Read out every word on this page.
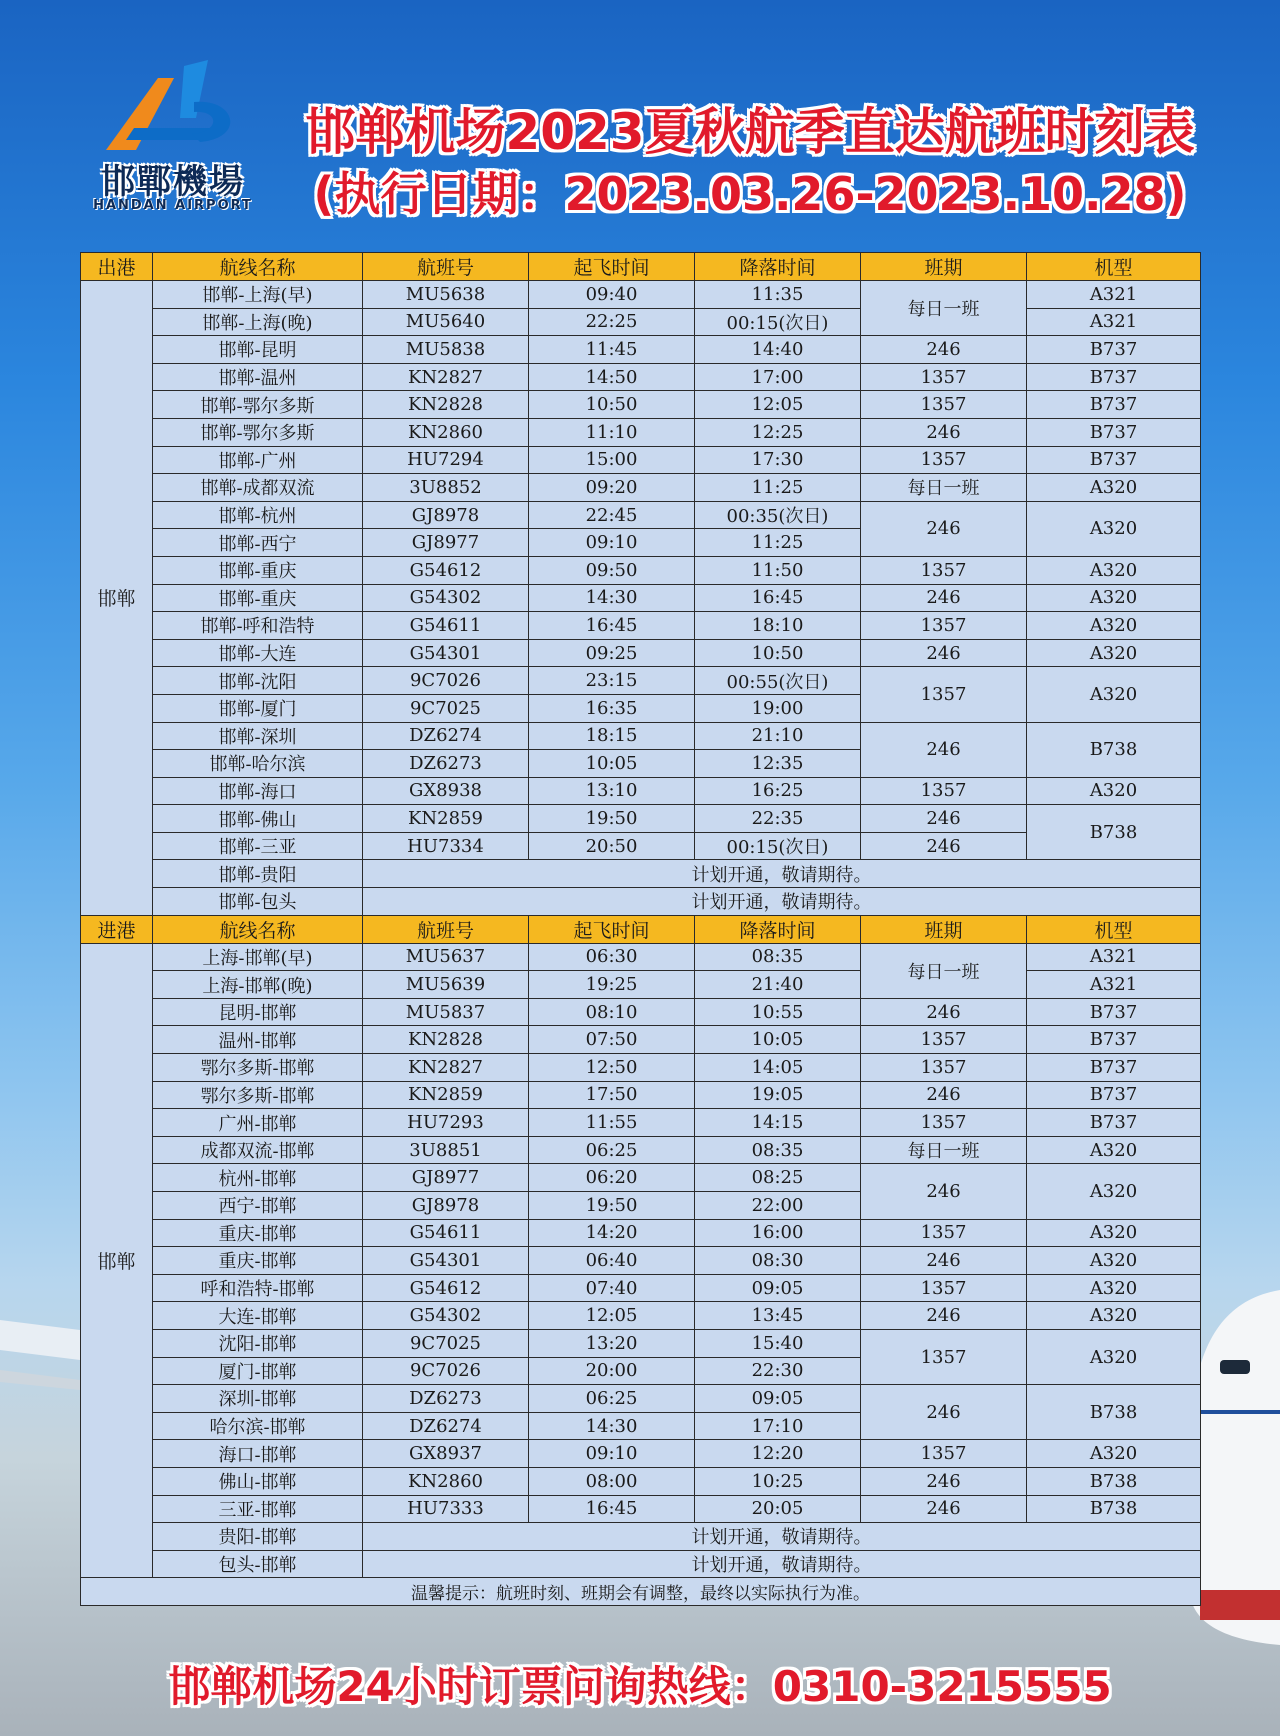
邯鄲機場
HANDAN AIRPORT
邯郸机场2023夏秋航季直达航班时刻表
(执行日期：2023.03.26-2023.10.28)
出港	航线名称	航班号	起飞时间	降落时间	班期	机型
邯郸	邯郸-上海(早)	MU5638	09:40	11:35	每日一班	A321
	邯郸-上海(晚)	MU5640	22:25	00:15(次日)		A321
	邯郸-昆明	MU5838	11:45	14:40	246	B737
	邯郸-温州	KN2827	14:50	17:00	1357	B737
	邯郸-鄂尔多斯	KN2828	10:50	12:05	1357	B737
	邯郸-鄂尔多斯	KN2860	11:10	12:25	246	B737
	邯郸-广州	HU7294	15:00	17:30	1357	B737
	邯郸-成都双流	3U8852	09:20	11:25	每日一班	A320
	邯郸-杭州	GJ8978	22:45	00:35(次日)	246	A320
	邯郸-西宁	GJ8977	09:10	11:25		
	邯郸-重庆	G54612	09:50	11:50	1357	A320
	邯郸-重庆	G54302	14:30	16:45	246	A320
	邯郸-呼和浩特	G54611	16:45	18:10	1357	A320
	邯郸-大连	G54301	09:25	10:50	246	A320
	邯郸-沈阳	9C7026	23:15	00:55(次日)	1357	A320
	邯郸-厦门	9C7025	16:35	19:00		
	邯郸-深圳	DZ6274	18:15	21:10	246	B738
	邯郸-哈尔滨	DZ6273	10:05	12:35		
	邯郸-海口	GX8938	13:10	16:25	1357	A320
	邯郸-佛山	KN2859	19:50	22:35	246	B738
	邯郸-三亚	HU7334	20:50	00:15(次日)	246	
	邯郸-贵阳	计划开通，敬请期待。				
	邯郸-包头	计划开通，敬请期待。				
进港	航线名称	航班号	起飞时间	降落时间	班期	机型
邯郸	上海-邯郸(早)	MU5637	06:30	08:35	每日一班	A321
	上海-邯郸(晚)	MU5639	19:25	21:40		A321
	昆明-邯郸	MU5837	08:10	10:55	246	B737
	温州-邯郸	KN2828	07:50	10:05	1357	B737
	鄂尔多斯-邯郸	KN2827	12:50	14:05	1357	B737
	鄂尔多斯-邯郸	KN2859	17:50	19:05	246	B737
	广州-邯郸	HU7293	11:55	14:15	1357	B737
	成都双流-邯郸	3U8851	06:25	08:35	每日一班	A320
	杭州-邯郸	GJ8977	06:20	08:25	246	A320
	西宁-邯郸	GJ8978	19:50	22:00		
	重庆-邯郸	G54611	14:20	16:00	1357	A320
	重庆-邯郸	G54301	06:40	08:30	246	A320
	呼和浩特-邯郸	G54612	07:40	09:05	1357	A320
	大连-邯郸	G54302	12:05	13:45	246	A320
	沈阳-邯郸	9C7025	13:20	15:40	1357	A320
	厦门-邯郸	9C7026	20:00	22:30		
	深圳-邯郸	DZ6273	06:25	09:05	246	B738
	哈尔滨-邯郸	DZ6274	14:30	17:10		
	海口-邯郸	GX8937	09:10	12:20	1357	A320
	佛山-邯郸	KN2860	08:00	10:25	246	B738
	三亚-邯郸	HU7333	16:45	20:05	246	B738
	贵阳-邯郸	计划开通，敬请期待。				
	包头-邯郸	计划开通，敬请期待。				
温馨提示：航班时刻、班期会有调整，最终以实际执行为准。						
邯郸机场24小时订票问询热线：0310-3215555
